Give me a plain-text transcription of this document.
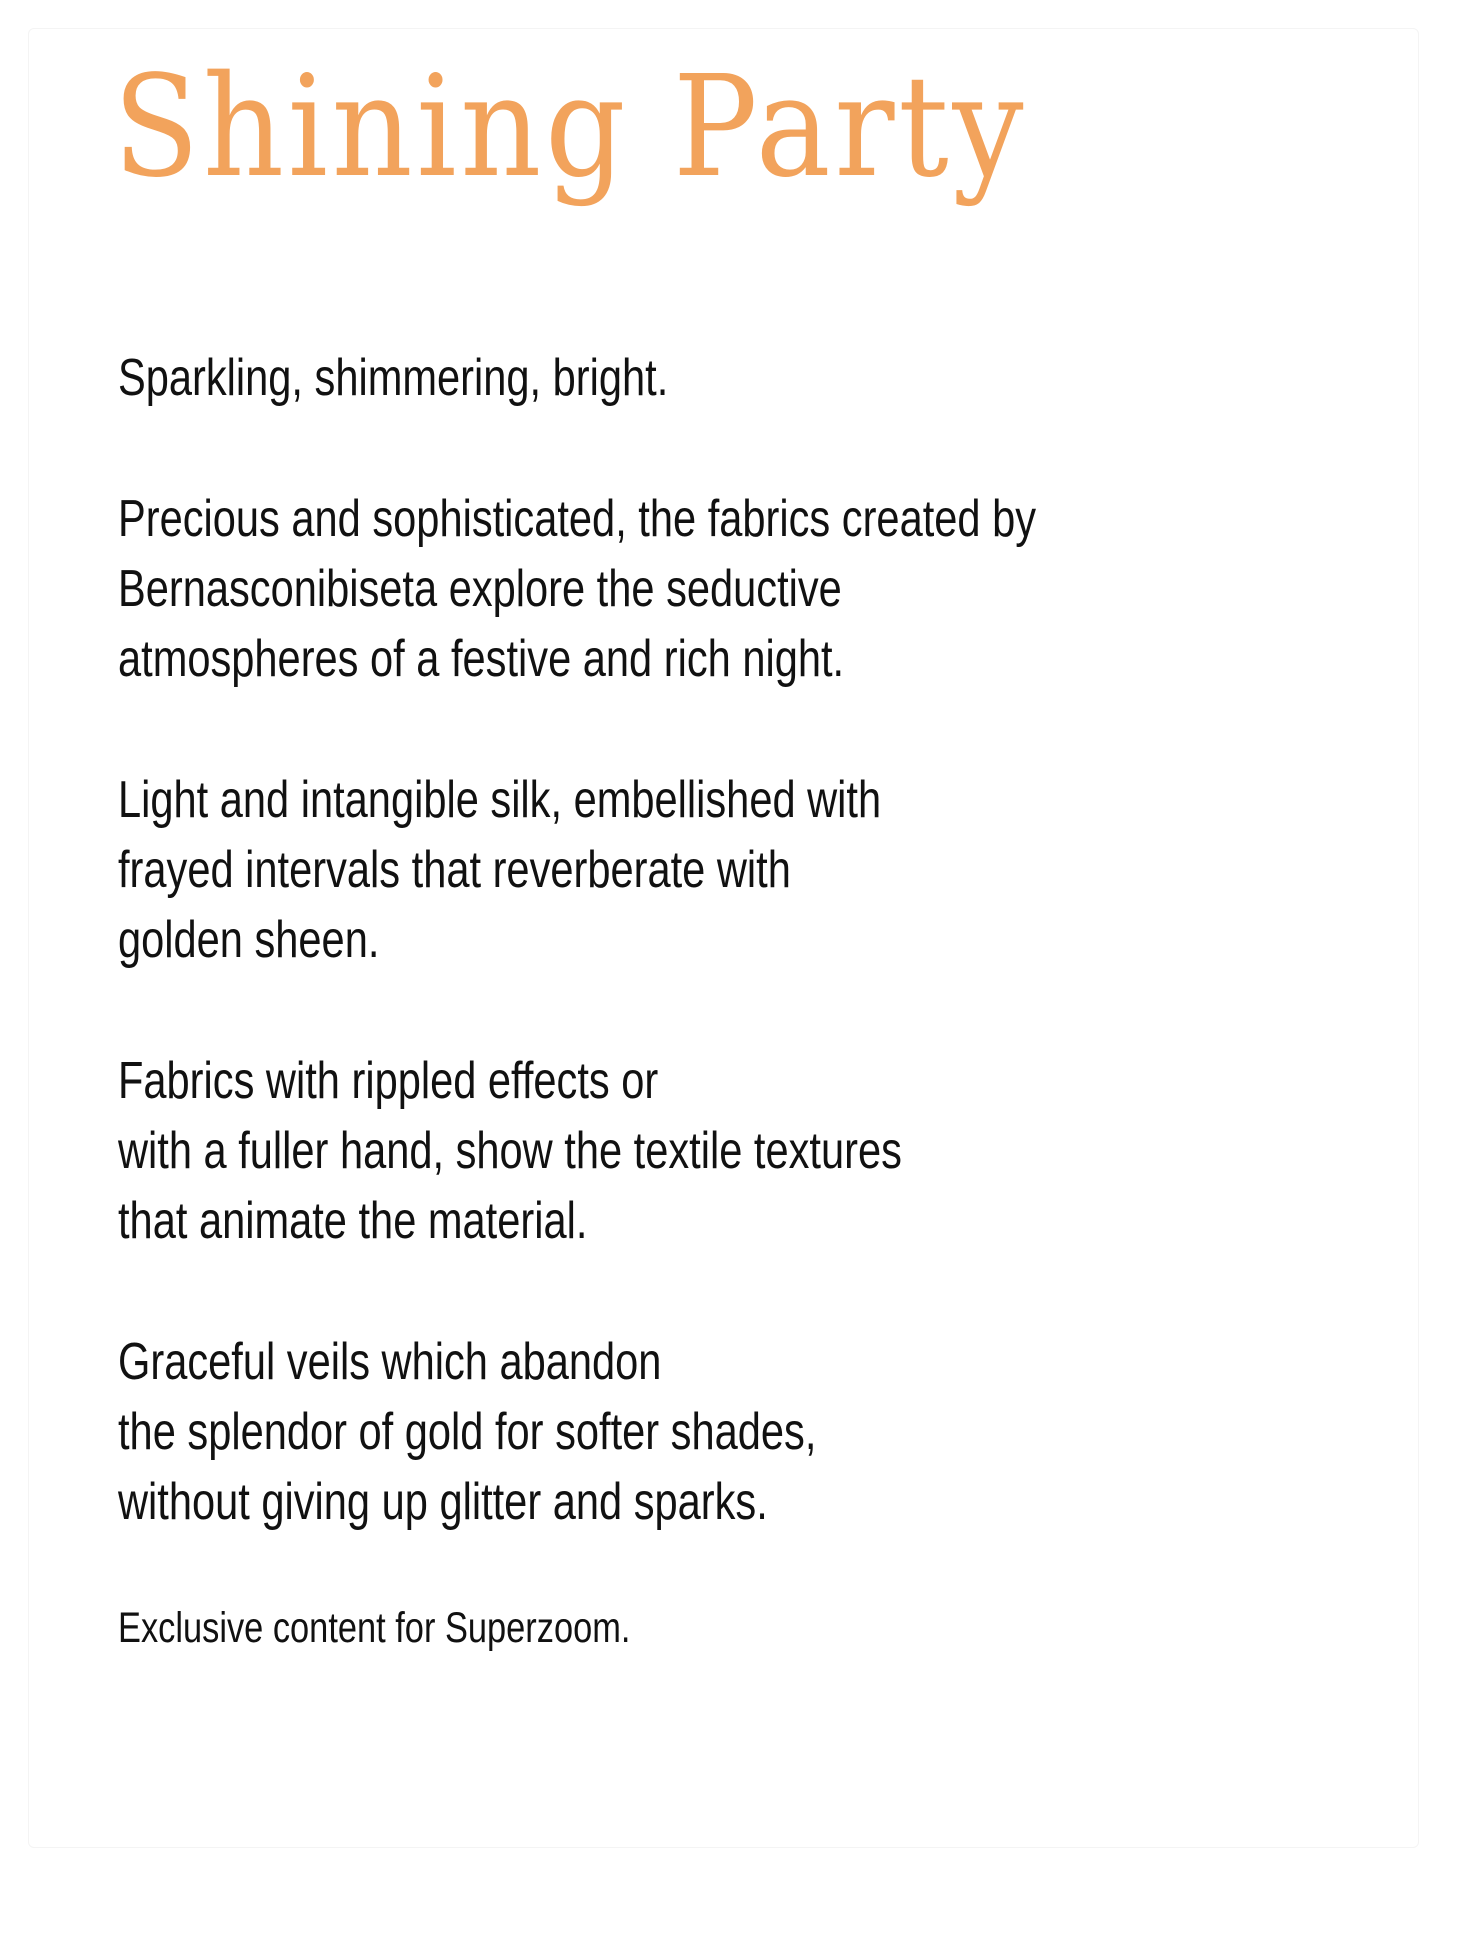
Shining Party

Sparkling, shimmering, bright.

Precious and sophisticated, the fabrics created by
Bernasconibiseta explore the seductive
atmospheres of a festive and rich night.

Light and intangible silk, embellished with
frayed intervals that reverberate with
golden sheen.

Fabrics with rippled effects or
with a fuller hand, show the textile textures
that animate the material.

Graceful veils which abandon
the splendor of gold for softer shades,
without giving up glitter and sparks.

Exclusive content for Superzoom.
